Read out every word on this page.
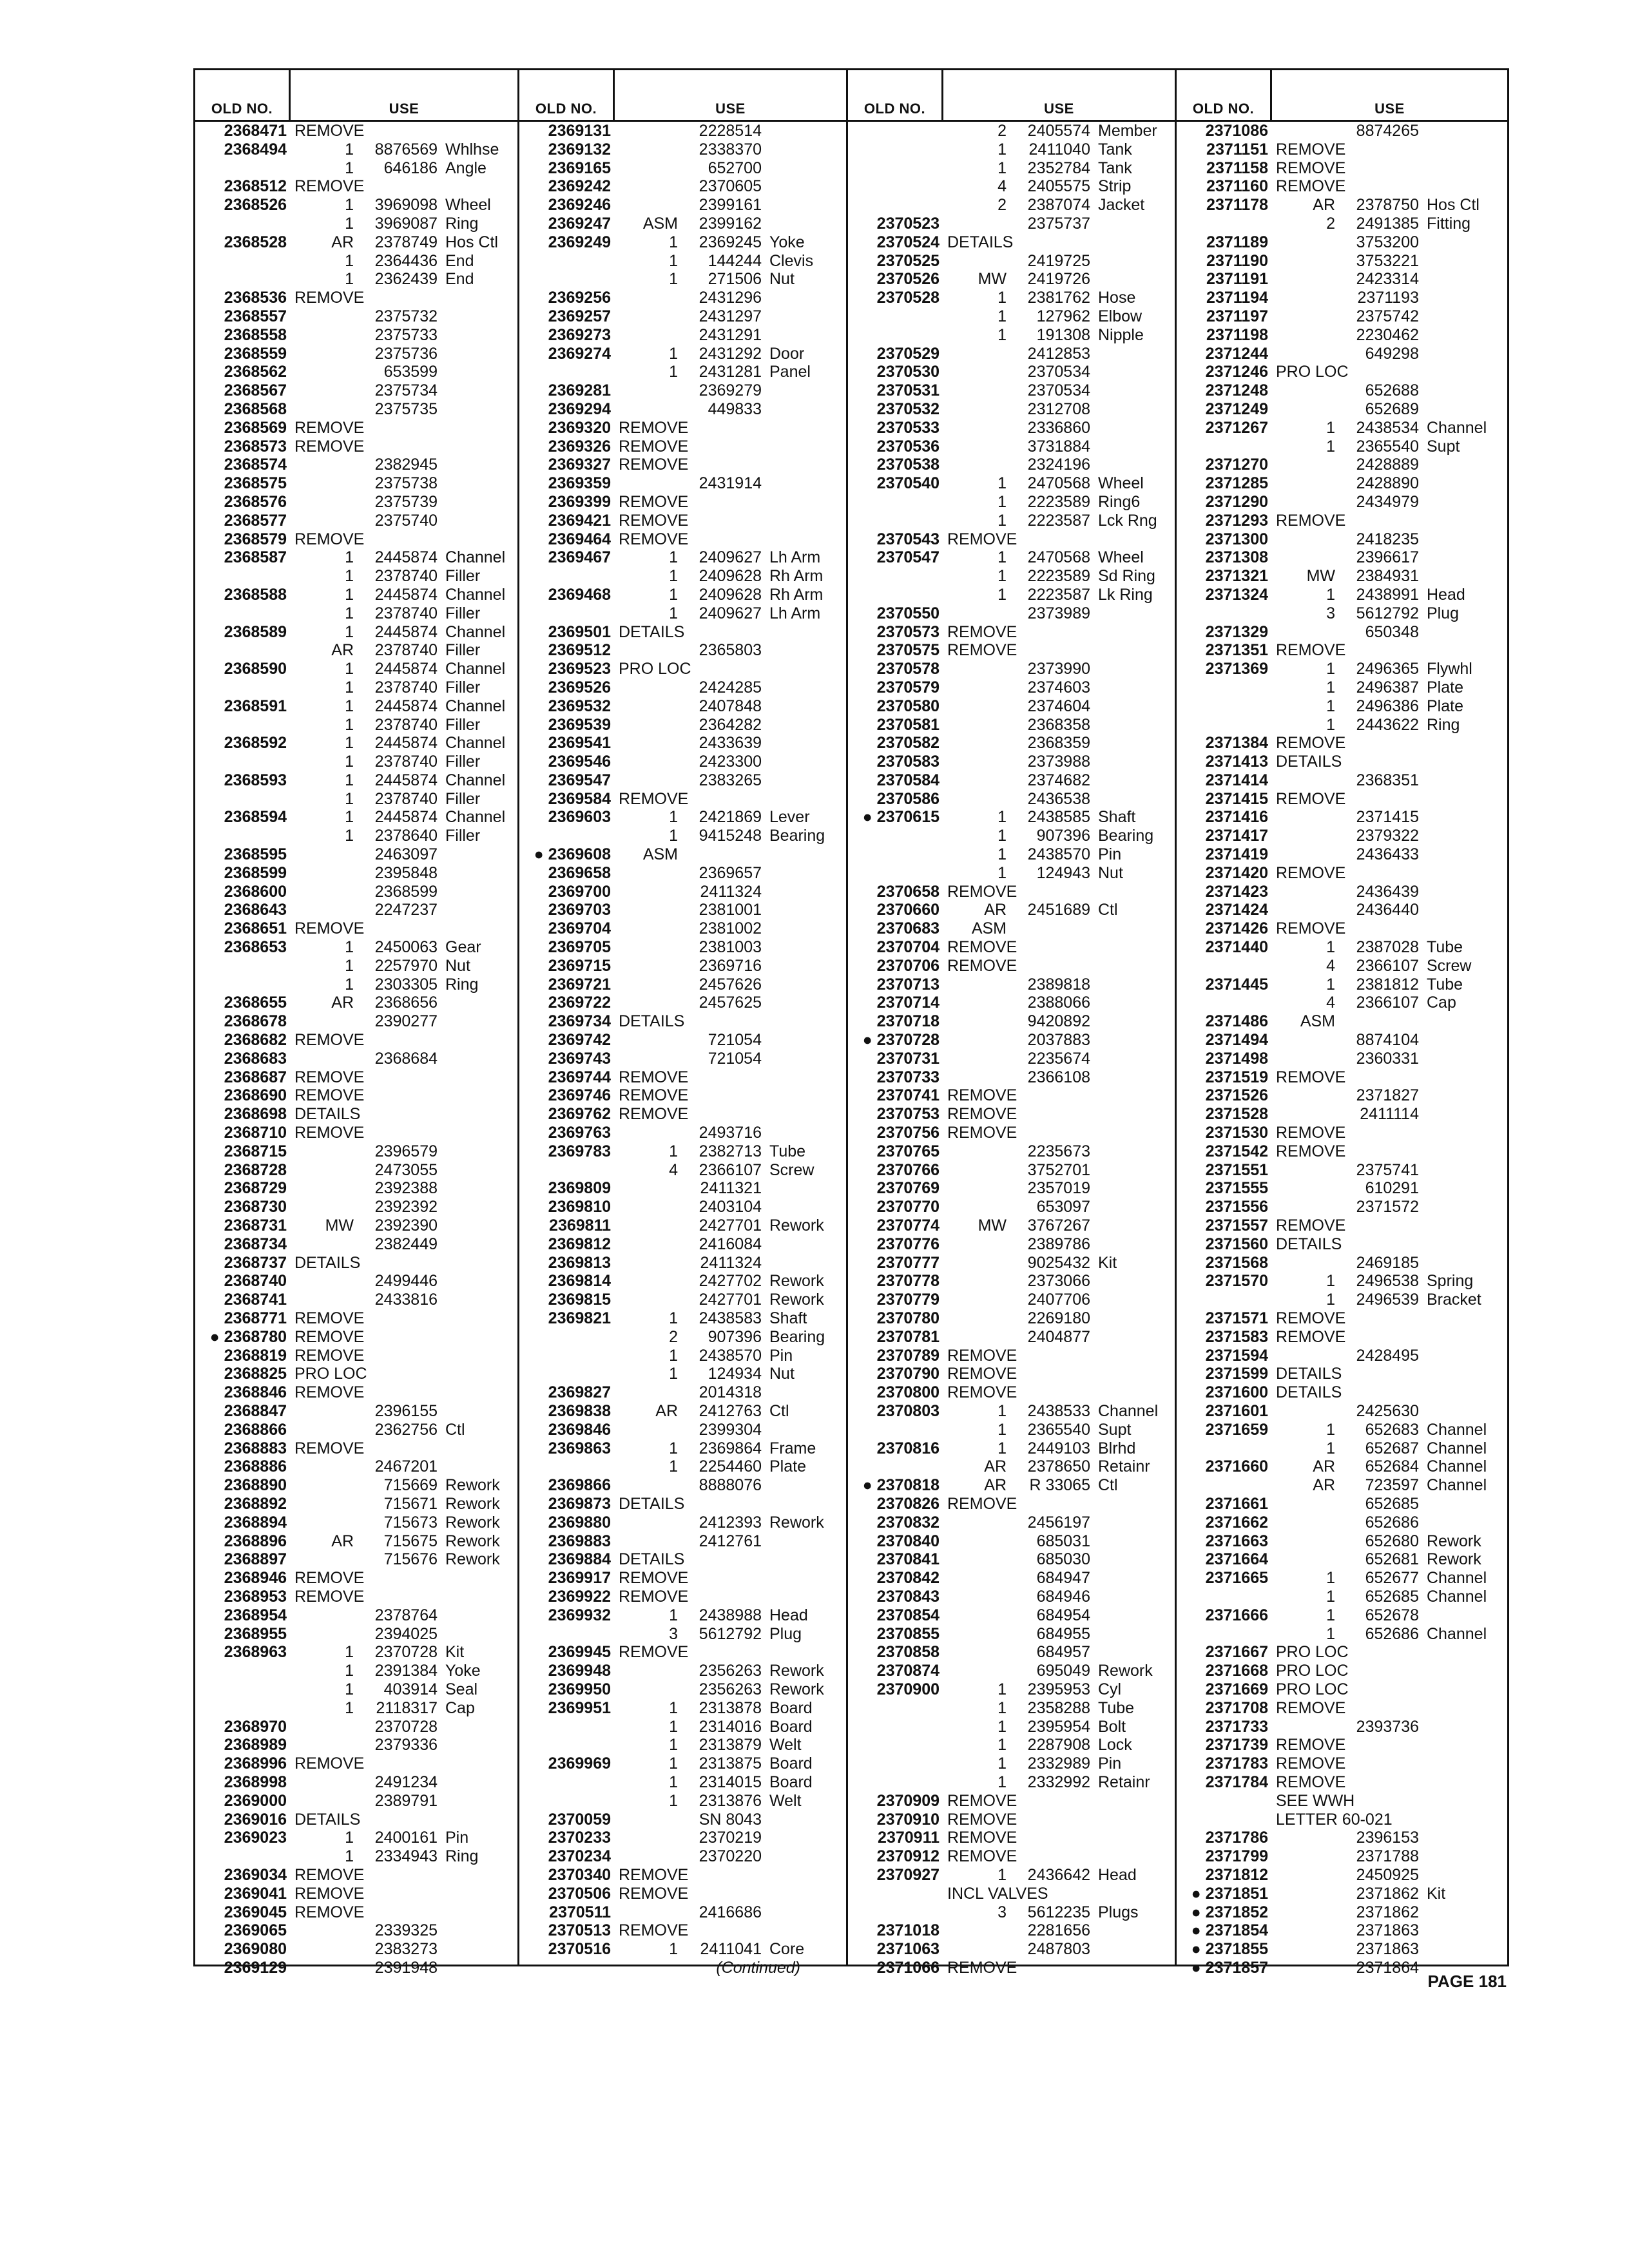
OLD NO.	USE
2368471 REMOVE
2368494	1	8876569 Whlhse
1	646186 Angle
2368512 REMOVE
2368526	1	3969098 Wheel
1	3969087 Ring
2368528	AR	2378749 Hos Ctl
1	2364436 End
1	2362439 End
2368536 REMOVE
2368557	2375732
2368558	2375733
2368559	2375736
2368562	653599
2368567	2375734
2368568	2375735
2368569 REMOVE
2368573 REMOVE
2368574	2382945
2368575	2375738
2368576	2375739
2368577	2375740
2368579 REMOVE
2368587	1	2445874 Channel
1	2378740 Filler
2368588	1	2445874 Channel
1	2378740 Filler
2368589	1	2445874 Channel
AR	2378740 Filler
2368590	1	2445874 Channel
1	2378740 Filler
2368591	1	2445874 Channel
1	2378740 Filler
2368592	1	2445874 Channel
1	2378740 Filler
2368593	1	2445874 Channel
1	2378740 Filler
2368594	1	2445874 Channel
1	2378640 Filler
2368595	2463097
2368599	2395848
2368600	2368599
2368643	2247237
2368651 REMOVE
2368653	1	2450063 Gear
1	2257970 Nut
1	2303305 Ring
2368655	AR	2368656
2368678	2390277
2368682 REMOVE
2368683	2368684
2368687 REMOVE
2368690 REMOVE
2368698 DETAILS
2368710 REMOVE
2368715	2396579
2368728	2473055
2368729	2392388
2368730	2392392
2368731	MW	2392390
2368734	2382449
2368737 DETAILS
2368740	2499446
2368741	2433816
2368771 REMOVE
● 2368780 REMOVE
2368819 REMOVE
2368825 PRO LOC
2368846 REMOVE
2368847	2396155
2368866	2362756 Ctl
2368883 REMOVE
2368886	2467201
2368890	715669 Rework
2368892	715671 Rework
2368894	715673 Rework
2368896	AR	715675 Rework
2368897	715676 Rework
2368946 REMOVE
2368953 REMOVE
2368954	2378764
2368955	2394025
2368963	1	2370728 Kit
1	2391384 Yoke
1	403914 Seal
1	2118317 Cap
2368970	2370728
2368989	2379336
2368996 REMOVE
2368998	2491234
2369000	2389791
2369016 DETAILS
2369023	1	2400161 Pin
1	2334943 Ring
2369034 REMOVE
2369041 REMOVE
2369045 REMOVE
2369065	2339325
2369080	2383273
2369129	2391948
OLD NO.	USE
2369131	2228514
2369132	2338370
2369165	652700
2369242	2370605
2369246	2399161
2369247	ASM	2399162
2369249	1	2369245 Yoke
1	144244 Clevis
1	271506 Nut
2369256	2431296
2369257	2431297
2369273	2431291
2369274	1	2431292 Door
1	2431281 Panel
2369281	2369279
2369294	449833
2369320 REMOVE
2369326 REMOVE
2369327 REMOVE
2369359	2431914
2369399 REMOVE
2369421 REMOVE
2369464 REMOVE
2369467	1	2409627 Lh Arm
1	2409628 Rh Arm
2369468	1	2409628 Rh Arm
1	2409627 Lh Arm
2369501 DETAILS
2369512	2365803
2369523 PRO LOC
2369526	2424285
2369532	2407848
2369539	2364282
2369541	2433639
2369546	2423300
2369547	2383265
2369584 REMOVE
2369603	1	2421869 Lever
1	9415248 Bearing
● 2369608	ASM
2369658	2369657
2369700	2411324
2369703	2381001
2369704	2381002
2369705	2381003
2369715	2369716
2369721	2457626
2369722	2457625
2369734 DETAILS
2369742	721054
2369743	721054
2369744 REMOVE
2369746 REMOVE
2369762 REMOVE
2369763	2493716
2369783	1	2382713 Tube
4	2366107 Screw
2369809	2411321
2369810	2403104
2369811	2427701 Rework
2369812	2416084
2369813	2411324
2369814	2427702 Rework
2369815	2427701 Rework
2369821	1	2438583 Shaft
2	907396 Bearing
1	2438570 Pin
1	124934 Nut
2369827	2014318
2369838	AR	2412763 Ctl
2369846	2399304
2369863	1	2369864 Frame
1	2254460 Plate
2369866	8888076
2369873 DETAILS
2369880	2412393 Rework
2369883	2412761
2369884 DETAILS
2369917 REMOVE
2369922 REMOVE
2369932	1	2438988 Head
3	5612792 Plug
2369945 REMOVE
2369948	2356263 Rework
2369950	2356263 Rework
2369951	1	2313878 Board
1	2314016 Board
1	2313879 Welt
2369969	1	2313875 Board
1	2314015 Board
1	2313876 Welt
2370059	SN 8043
2370233	2370219
2370234	2370220
2370340 REMOVE
2370506 REMOVE
2370511	2416686
2370513 REMOVE
2370516	1	2411041 Core
(Continued)
OLD NO.	USE
2	2405574 Member
1	2411040 Tank
1	2352784 Tank
4	2405575 Strip
2	2387074 Jacket
2370523	2375737
2370524 DETAILS
2370525	2419725
2370526	MW	2419726
2370528	1	2381762 Hose
1	127962 Elbow
1	191308 Nipple
2370529	2412853
2370530	2370534
2370531	2370534
2370532	2312708
2370533	2336860
2370536	3731884
2370538	2324196
2370540	1	2470568 Wheel
1	2223589 Ring6
1	2223587 Lck Rng
2370543 REMOVE
2370547	1	2470568 Wheel
1	2223589 Sd Ring
1	2223587 Lk Ring
2370550	2373989
2370573 REMOVE
2370575 REMOVE
2370578	2373990
2370579	2374603
2370580	2374604
2370581	2368358
2370582	2368359
2370583	2373988
2370584	2374682
2370586	2436538
● 2370615	1	2438585 Shaft
1	907396 Bearing
1	2438570 Pin
1	124943 Nut
2370658 REMOVE
2370660	AR	2451689 Ctl
2370683	ASM
2370704 REMOVE
2370706 REMOVE
2370713	2389818
2370714	2388066
2370718	9420892
● 2370728	2037883
2370731	2235674
2370733	2366108
2370741 REMOVE
2370753 REMOVE
2370756 REMOVE
2370765	2235673
2370766	3752701
2370769	2357019
2370770	653097
2370774	MW	3767267
2370776	2389786
2370777	9025432 Kit
2370778	2373066
2370779	2407706
2370780	2269180
2370781	2404877
2370789 REMOVE
2370790 REMOVE
2370800 REMOVE
2370803	1	2438533 Channel
1	2365540 Supt
2370816	1	2449103 Blrhd
AR	2378650 Retainr
● 2370818	AR	R 33065 Ctl
2370826 REMOVE
2370832	2456197
2370840	685031
2370841	685030
2370842	684947
2370843	684946
2370854	684954
2370855	684955
2370858	684957
2370874	695049 Rework
2370900	1	2395953 Cyl
1	2358288 Tube
1	2395954 Bolt
1	2287908 Lock
1	2332989 Pin
1	2332992 Retainr
2370909 REMOVE
2370910 REMOVE
2370911 REMOVE
2370912 REMOVE
2370927	1	2436642 Head
INCL VALVES
3	5612235 Plugs
2371018	2281656
2371063	2487803
2371066 REMOVE
OLD NO.	USE
2371086	8874265
2371151 REMOVE
2371158 REMOVE
2371160 REMOVE
2371178	AR	2378750 Hos Ctl
2	2491385 Fitting
2371189	3753200
2371190	3753221
2371191	2423314
2371194	2371193
2371197	2375742
2371198	2230462
2371244	649298
2371246 PRO LOC
2371248	652688
2371249	652689
2371267	1	2438534 Channel
1	2365540 Supt
2371270	2428889
2371285	2428890
2371290	2434979
2371293 REMOVE
2371300	2418235
2371308	2396617
2371321	MW	2384931
2371324	1	2438991 Head
3	5612792 Plug
2371329	650348
2371351 REMOVE
2371369	1	2496365 Flywhl
1	2496387 Plate
1	2496386 Plate
1	2443622 Ring
2371384 REMOVE
2371413 DETAILS
2371414	2368351
2371415 REMOVE
2371416	2371415
2371417	2379322
2371419	2436433
2371420 REMOVE
2371423	2436439
2371424	2436440
2371426 REMOVE
2371440	1	2387028 Tube
4	2366107 Screw
2371445	1	2381812 Tube
4	2366107 Cap
2371486	ASM
2371494	8874104
2371498	2360331
2371519 REMOVE
2371526	2371827
2371528	2411114
2371530 REMOVE
2371542 REMOVE
2371551	2375741
2371555	610291
2371556	2371572
2371557 REMOVE
2371560 DETAILS
2371568	2469185
2371570	1	2496538 Spring
1	2496539 Bracket
2371571 REMOVE
2371583 REMOVE
2371594	2428495
2371599 DETAILS
2371600 DETAILS
2371601	2425630
2371659	1	652683 Channel
1	652687 Channel
2371660	AR	652684 Channel
AR	723597 Channel
2371661	652685
2371662	652686
2371663	652680 Rework
2371664	652681 Rework
2371665	1	652677 Channel
1	652685 Channel
2371666	1	652678
1	652686 Channel
2371667 PRO LOC
2371668 PRO LOC
2371669 PRO LOC
2371708 REMOVE
2371733	2393736
2371739 REMOVE
2371783 REMOVE
2371784 REMOVE
SEE WWH
LETTER 60-021
2371786	2396153
2371799	2371788
2371812	2450925
● 2371851	2371862 Kit
● 2371852	2371862
● 2371854	2371863
● 2371855	2371863
● 2371857	2371864
PAGE 181
